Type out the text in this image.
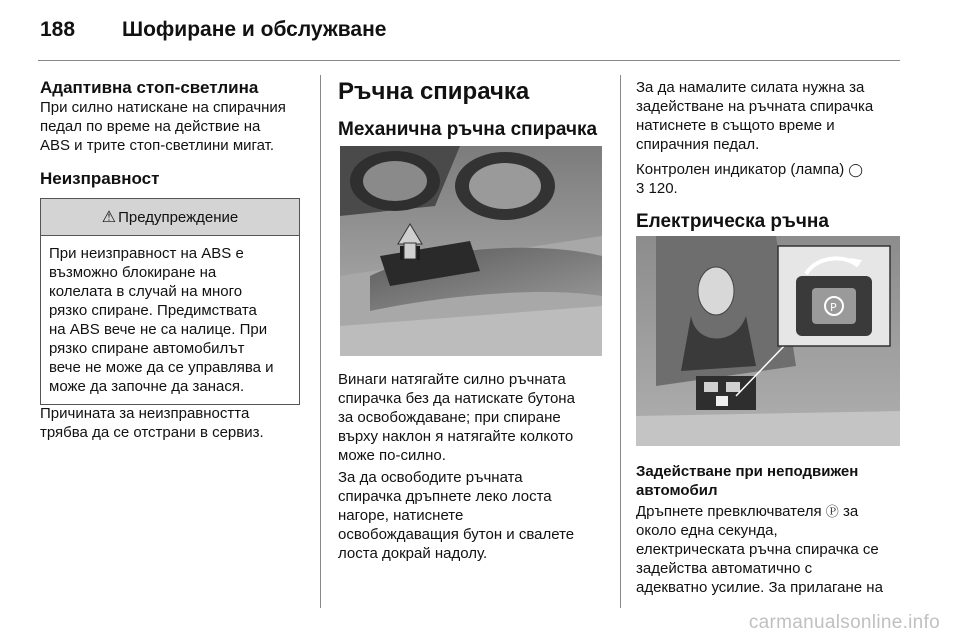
188 Шофиране и обслужване

Адаптивна стоп-светлина

При силно натискане на спирачния

педал по време на действие на

ABS и трите стоп-светлини мигат.

Неизправност

⚠ Предупреждение
При неизправност на ABS е
възможно блокиране на
колелата в случай на много
рязко спиране. Предимствата
на ABS вече не са налице. При
рязко спиране автомобилът
вече не може да се управлява и
може да започне да занася.

Причината за неизправността

трябва да се отстрани в сервиз.

Ръчна спирачка

Механична ръчна спирачка

Винаги натягайте силно ръчната

спирачка без да натискате бутона

за освобождаване; при спиране

върху наклон я натягайте колкото

може по-силно.

За да освободите ръчната

спирачка дръпнете леко лоста

нагоре, натиснете

освобождаващия бутон и свалете

лоста докрай надолу.

За да намалите силата нужна за

задействане на ръчната спирачка

натиснете в същото време и

спирачния педал.

Контролен индикатор (лампа) ◯

3 120.

Електрическа ръчна

P

Задействане при неподвижен

автомобил

Дръпнете превключвателя Ⓟ за

около една секунда,

електрическата ръчна спирачка се

задейства автоматично с

адекватно усилие. За прилагане на

carmanualsonline.info
